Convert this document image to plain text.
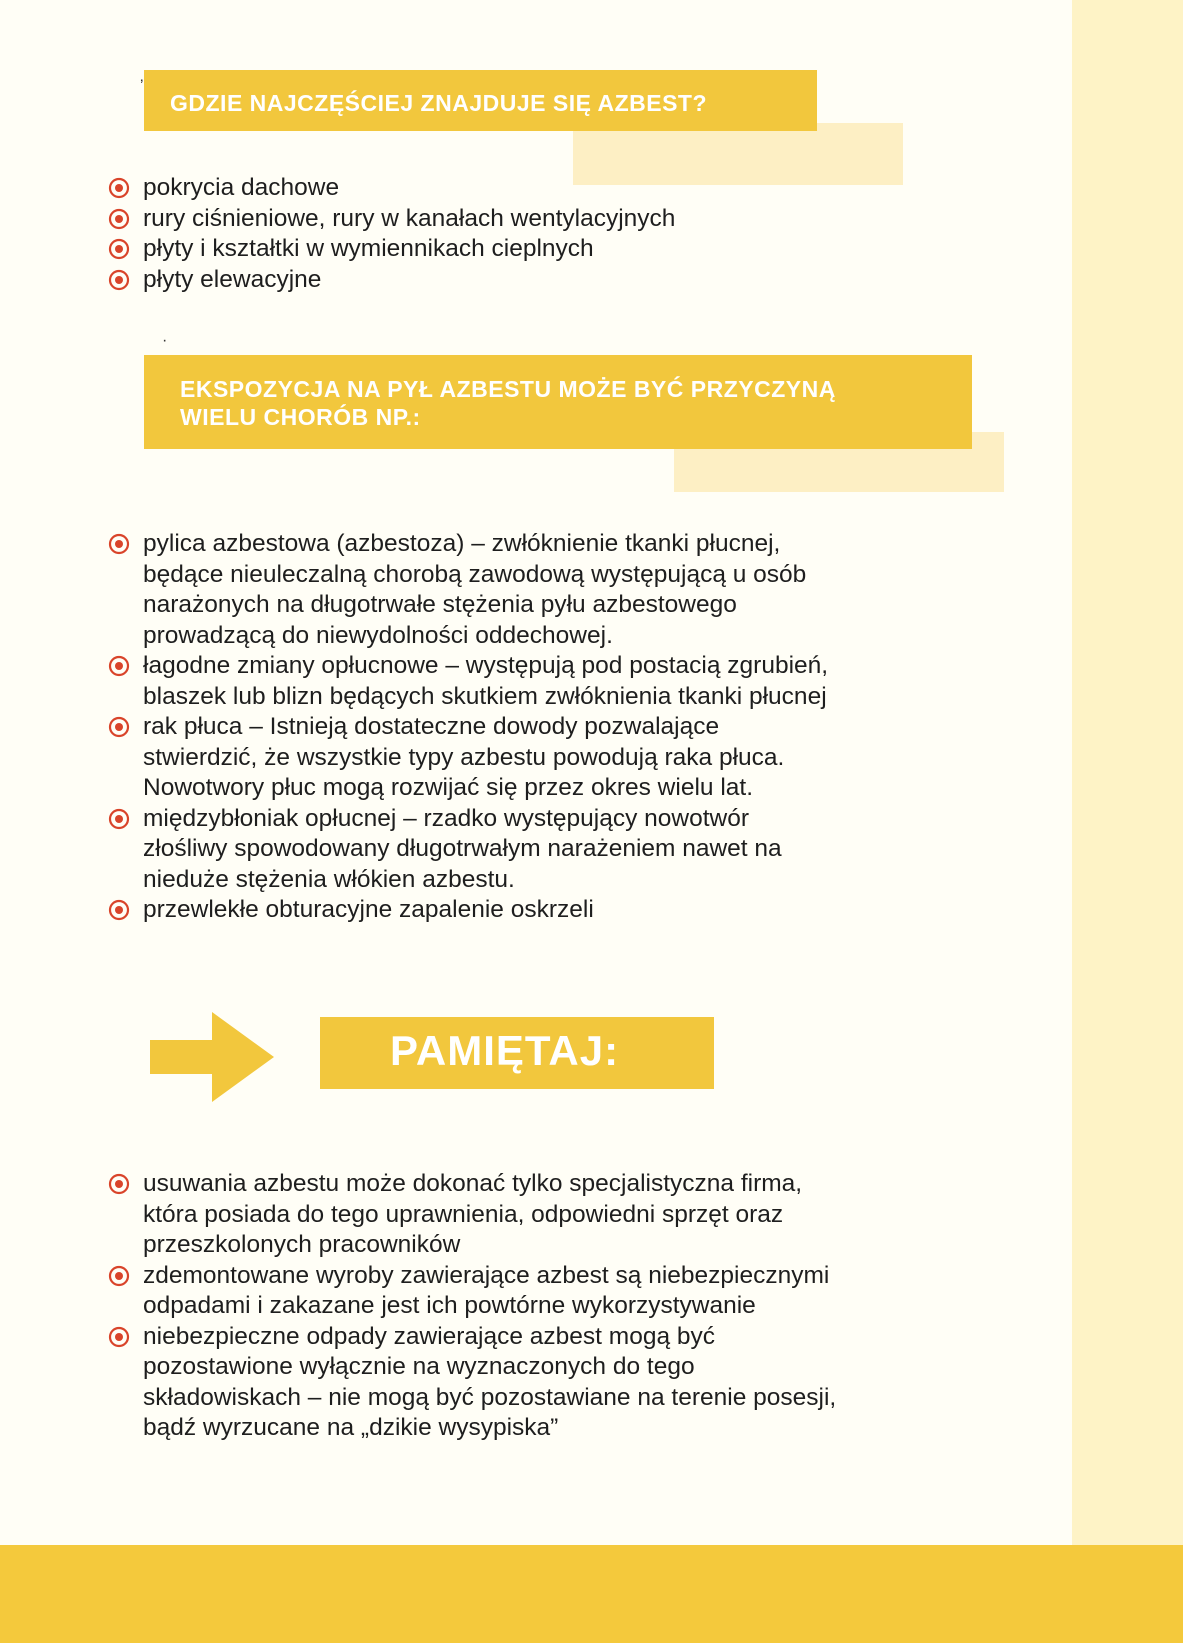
ʼ
GDZIE NAJCZĘŚCIEJ ZNAJDUJE SIĘ AZBEST?
pokrycia dachowe
rury ciśnieniowe, rury w kanałach wentylacyjnych
płyty i kształtki w wymiennikach cieplnych
płyty elewacyjne
·
EKSPOZYCJA NA PYŁ AZBESTU MOŻE BYĆ PRZYCZYNĄ
WIELU CHORÓB NP.:
pylica azbestowa (azbestoza) – zwłóknienie tkanki płucnej,
będące nieuleczalną chorobą zawodową występującą u osób
narażonych na długotrwałe stężenia pyłu azbestowego
prowadzącą do niewydolności oddechowej.
łagodne zmiany opłucnowe – występują pod postacią zgrubień,
blaszek lub blizn będących skutkiem zwłóknienia tkanki płucnej
rak płuca – Istnieją dostateczne dowody pozwalające
stwierdzić, że wszystkie typy azbestu powodują raka płuca.
Nowotwory płuc mogą rozwijać się przez okres wielu lat.
międzybłoniak opłucnej – rzadko występujący nowotwór
złośliwy spowodowany długotrwałym narażeniem nawet na
nieduże stężenia włókien azbestu.
przewlekłe obturacyjne zapalenie oskrzeli
PAMIĘTAJ:
usuwania azbestu może dokonać tylko specjalistyczna firma,
która posiada do tego uprawnienia, odpowiedni sprzęt oraz
przeszkolonych pracowników
zdemontowane wyroby zawierające azbest są niebezpiecznymi
odpadami i zakazane jest ich powtórne wykorzystywanie
niebezpieczne odpady zawierające azbest mogą być
pozostawione wyłącznie na wyznaczonych do tego
składowiskach – nie mogą być pozostawiane na terenie posesji,
bądź wyrzucane na „dzikie wysypiska”
